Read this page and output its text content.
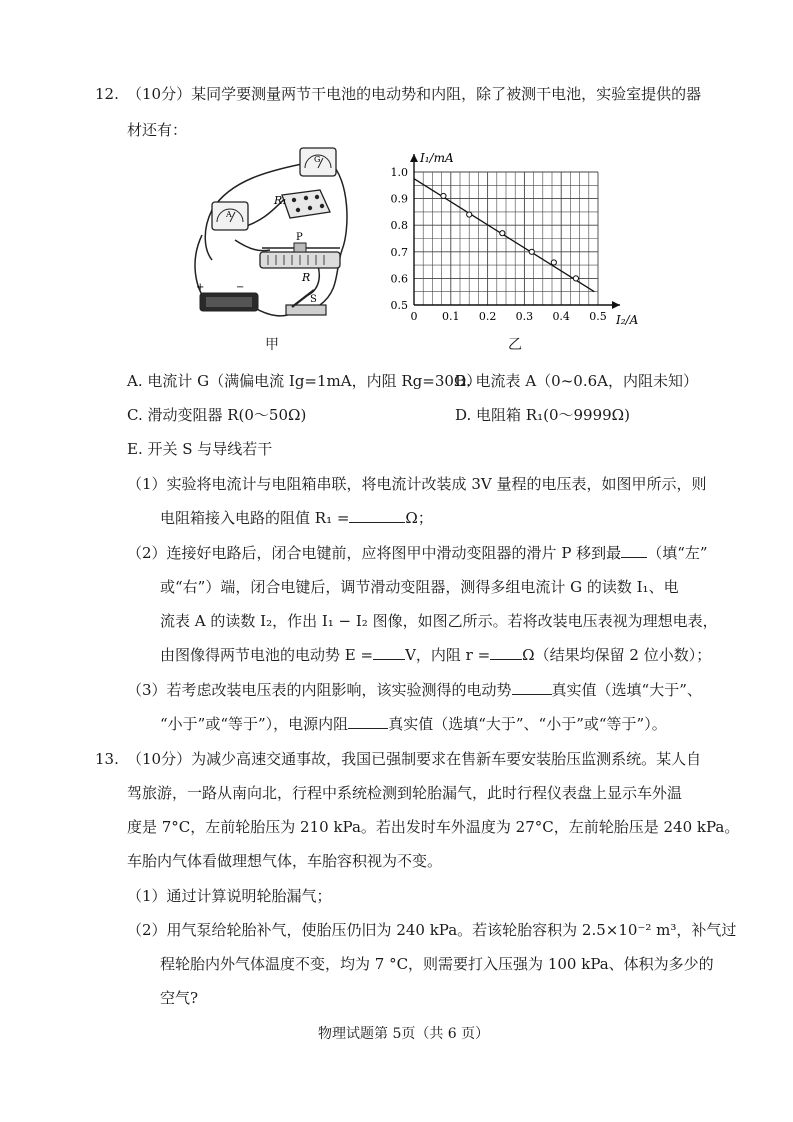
12. （10分）某同学要测量两节干电池的电动势和内阻，除了被测干电池，实验室提供的器
材还有：
G
A
R₁
P
R
+	−
S
甲
0 0.1 0.2 0.3 0.4 0.5
0.5
0.6
0.7
0.8
0.9
1.0
I₁/mA
I₂/A
乙
A. 电流计 G（满偏电流 Ig=1mA，内阻 Rg=30Ω）
B. 电流表 A（0~0.6A，内阻未知）
C. 滑动变阻器 R(0～50Ω)	D. 电阻箱 R₁(0～9999Ω)
E. 开关 S 与导线若干
（1）实验将电流计与电阻箱串联，将电流计改装成 3V 量程的电压表，如图甲所示，则
电阻箱接入电路的阻值 R₁ =	Ω；
（2）连接好电路后，闭合电键前，应将图甲中滑动变阻器的滑片 P 移到最 （填“左”
或“右”）端，闭合电键后，调节滑动变阻器，测得多组电流计 G 的读数 I₁、电
流表 A 的读数 I₂，作出 I₁ − I₂ 图像，如图乙所示。若将改装电压表视为理想电表，
由图像得两节电池的电动势 E = V，内阻 r = Ω（结果均保留 2 位小数）；
（3）若考虑改装电压表的内阻影响，该实验测得的电动势	真实值（选填“大于”、
“小于”或“等于”），电源内阻	真实值（选填“大于”、“小于”或“等于”）。
13. （10分）为减少高速交通事故，我国已强制要求在售新车要安装胎压监测系统。某人自
驾旅游，一路从南向北，行程中系统检测到轮胎漏气，此时行程仪表盘上显示车外温
度是 7°C，左前轮胎压为 210 kPa。若出发时车外温度为 27°C，左前轮胎压是 240 kPa。
车胎内气体看做理想气体，车胎容积视为不变。
（1）通过计算说明轮胎漏气；
（2）用气泵给轮胎补气，使胎压仍旧为 240 kPa。若该轮胎容积为 2.5×10⁻² m³，补气过
程轮胎内外气体温度不变，均为 7 °C，则需要打入压强为 100 kPa、体积为多少的
空气?
物理试题第 5页（共 6 页）
